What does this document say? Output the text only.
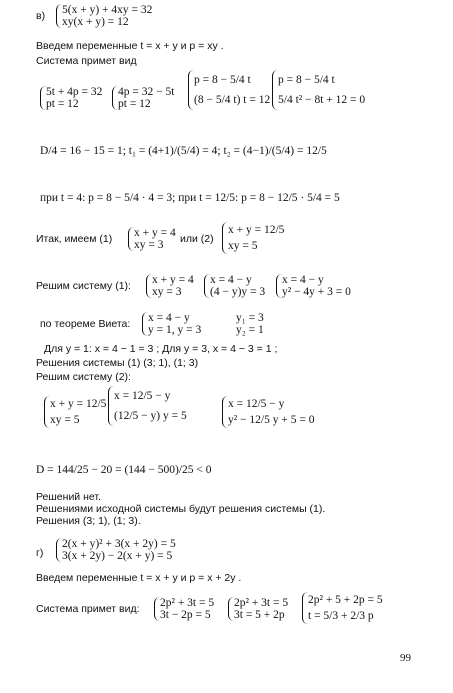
в)	5(x + y) + 4xy = 32
xy(x + y) = 12
Введем переменные t = x + y и p = xy .
Система примет вид
5t + 4p = 32
pt = 12
4p = 32 − 5t
pt = 12
p = 8 − 5/4 t
(8 − 5/4 t) t = 12
p = 8 − 5/4 t
5/4 t² − 8t + 12 = 0
D/4 = 16 − 15 = 1; t₁ = (4+1)/(5/4) = 4; t₂ = (4−1)/(5/4) = 12/5
при t = 4: p = 8 − 5/4 · 4 = 3; при t = 12/5: p = 8 − 12/5 · 5/4 = 5
Итак, имеем (1)	x + y = 4
xy = 3	или (2)
x + y = 12/5
xy = 5
Решим систему (1):	x + y = 4
xy = 3
x = 4 − y
(4 − y)y = 3
x = 4 − y
y² − 4y + 3 = 0
по теореме Виета:	x = 4 − y
y = 1, y = 3
y₁ = 3
y₂ = 1
Для y = 1: x = 4 − 1 = 3 ; Для y = 3, x = 4 − 3 = 1 ;
Решения системы (1) (3; 1), (1; 3)
Решим систему (2):
x + y = 12/5
xy = 5
x = 12/5 − y
(12/5 − y) y = 5
x = 12/5 − y
y² − 12/5 y + 5 = 0
D = 144/25 − 20 = (144 − 500)/25 < 0
Решений нет.
Решениями исходной системы будут решения системы (1).
Решения (3; 1), (1; 3).
г)
2(x + y)² + 3(x + 2y) = 5
3(x + 2y) − 2(x + y) = 5
Введем переменные t = x + y и p = x + 2y .
Система примет вид:	2p² + 3t = 5
3t − 2p = 5
2p² + 3t = 5
3t = 5 + 2p
2p² + 5 + 2p = 5
t = 5/3 + 2/3 p
99
